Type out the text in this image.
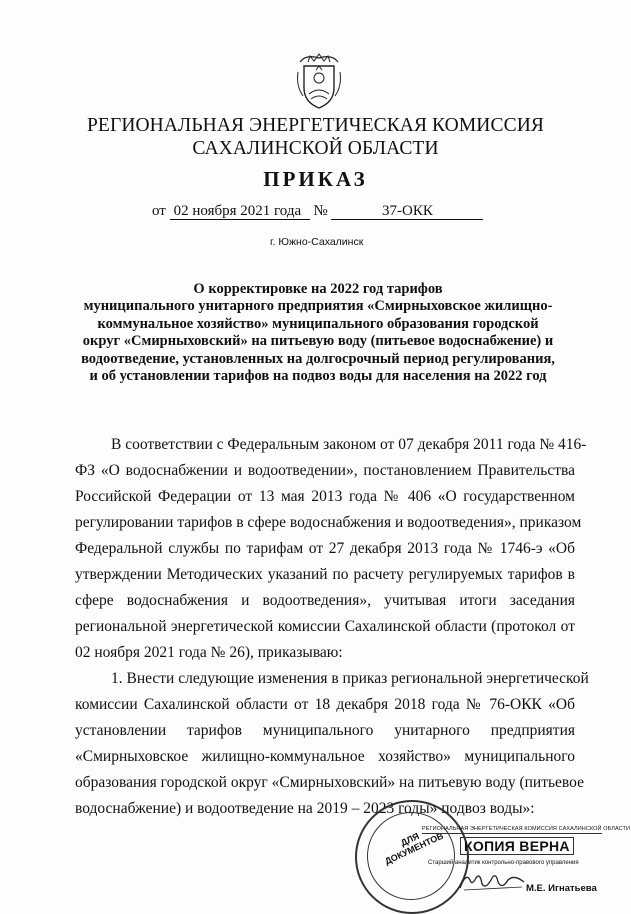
РЕГИОНАЛЬНАЯ ЭНЕРГЕТИЧЕСКАЯ КОМИССИЯ
САХАЛИНСКОЙ ОБЛАСТИ
ПРИКАЗ
от 02 ноября 2021 года №	37-ОКК
г. Южно-Сахалинск
О корректировке на 2022 год тарифов
муниципального унитарного предприятия «Смирныховское жилищно-
коммунальное хозяйство» муниципального образования городской
округ «Смирныховский» на питьевую воду (питьевое водоснабжение) и
водоотведение, установленных на долгосрочный период регулирования,
и об установлении тарифов на подвоз воды для населения на 2022 год
В соответствии с Федеральным законом от 07 декабря 2011 года № 416-
ФЗ «О водоснабжении и водоотведении», постановлением Правительства
Российской Федерации от 13 мая 2013 года № 406 «О государственном
регулировании тарифов в сфере водоснабжения и водоотведения», приказом
Федеральной службы по тарифам от 27 декабря 2013 года № 1746-э «Об
утверждении Методических указаний по расчету регулируемых тарифов в
сфере водоснабжения и водоотведения», учитывая итоги заседания
региональной энергетической комиссии Сахалинской области (протокол от
02 ноября 2021 года № 26), приказываю:
1. Внести следующие изменения в приказ региональной энергетической
комиссии Сахалинской области от 18 декабря 2018 года № 76-ОКК «Об
установлении тарифов муниципального унитарного предприятия
«Смирныховское жилищно-коммунальное хозяйство» муниципального
образования городской округ «Смирныховский» на питьевую воду (питьевое
водоснабжение) и водоотведение на 2019 – 2023 годы» подвоз воды»:
ДЛЯ ДОКУМЕНТОВ
РЕГИОНАЛЬНАЯ ЭНЕРГЕТИЧЕСКАЯ КОМИССИЯ САХАЛИНСКОЙ ОБЛАСТИ
КОПИЯ ВЕРНА
Старший аналитик контрольно-правового управления
М.Е. Игнатьева
